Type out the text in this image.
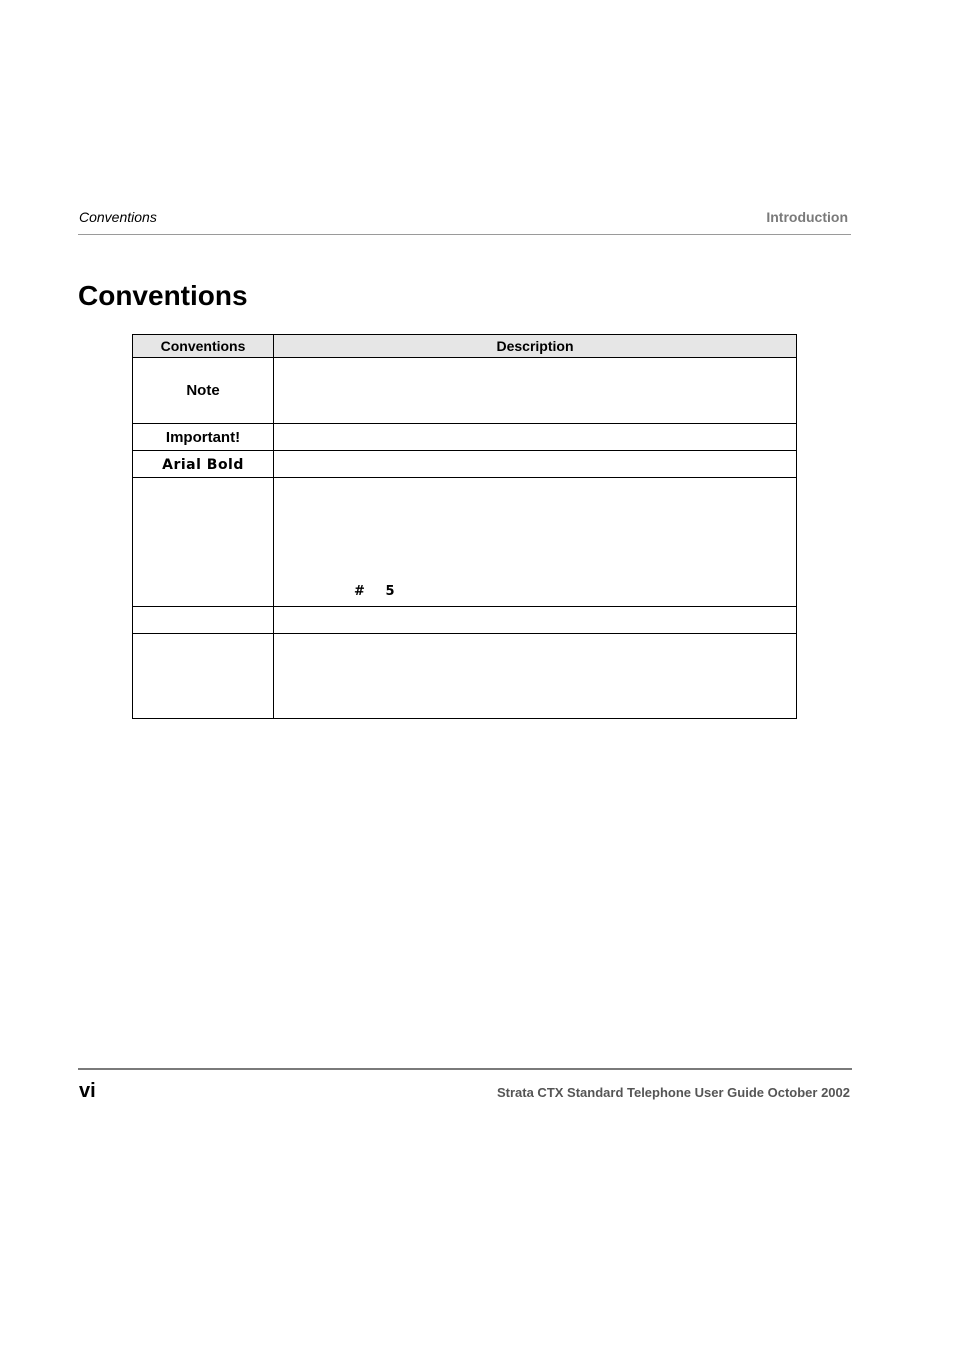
Conventions	Introduction
Conventions
Conventions	Description
Note	
Important!	
Arial Bold	

	# 5

vi	Strata CTX Standard Telephone User Guide October 2002
